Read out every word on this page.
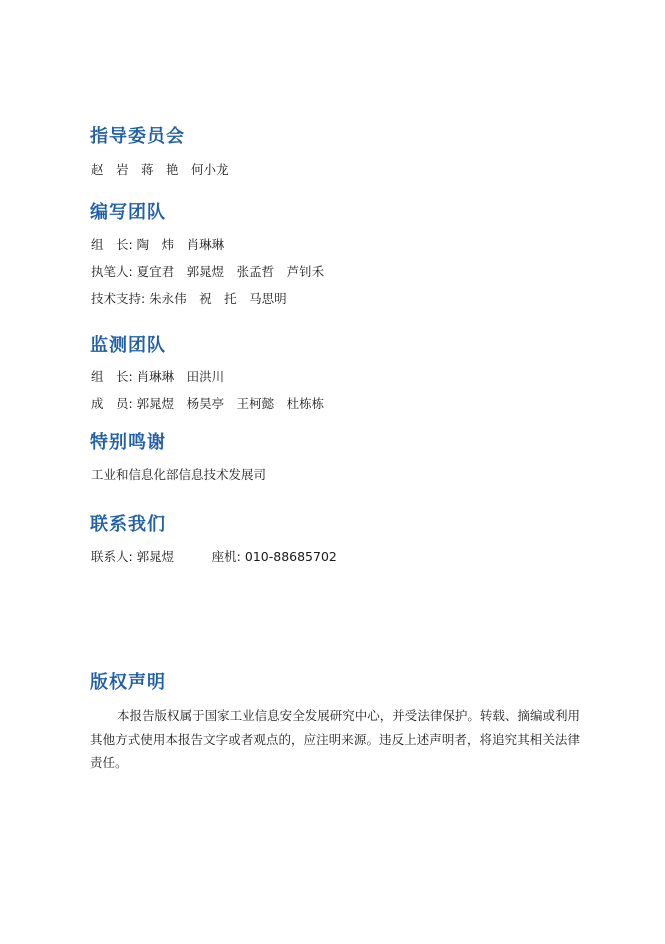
指导委员会

赵　岩　蒋　艳　何小龙

编写团队

组　长: 陶　炜　肖琳琳

执笔人: 夏宜君　郭晁煜　张孟哲　芦钊禾

技术支持: 朱永伟　祝　托　马思明

监测团队

组　长: 肖琳琳　田洪川

成　员: 郭晁煜　杨昊亭　王柯懿　杜栋栋

特别鸣谢

工业和信息化部信息技术发展司

联系我们

联系人: 郭晁煜　　　座机: 010-88685702

版权声明

本报告版权属于国家工业信息安全发展研究中心，并受法律保护。转载、摘编或利用其他方式使用本报告文字或者观点的，应注明来源。违反上述声明者，将追究其相关法律责任。
